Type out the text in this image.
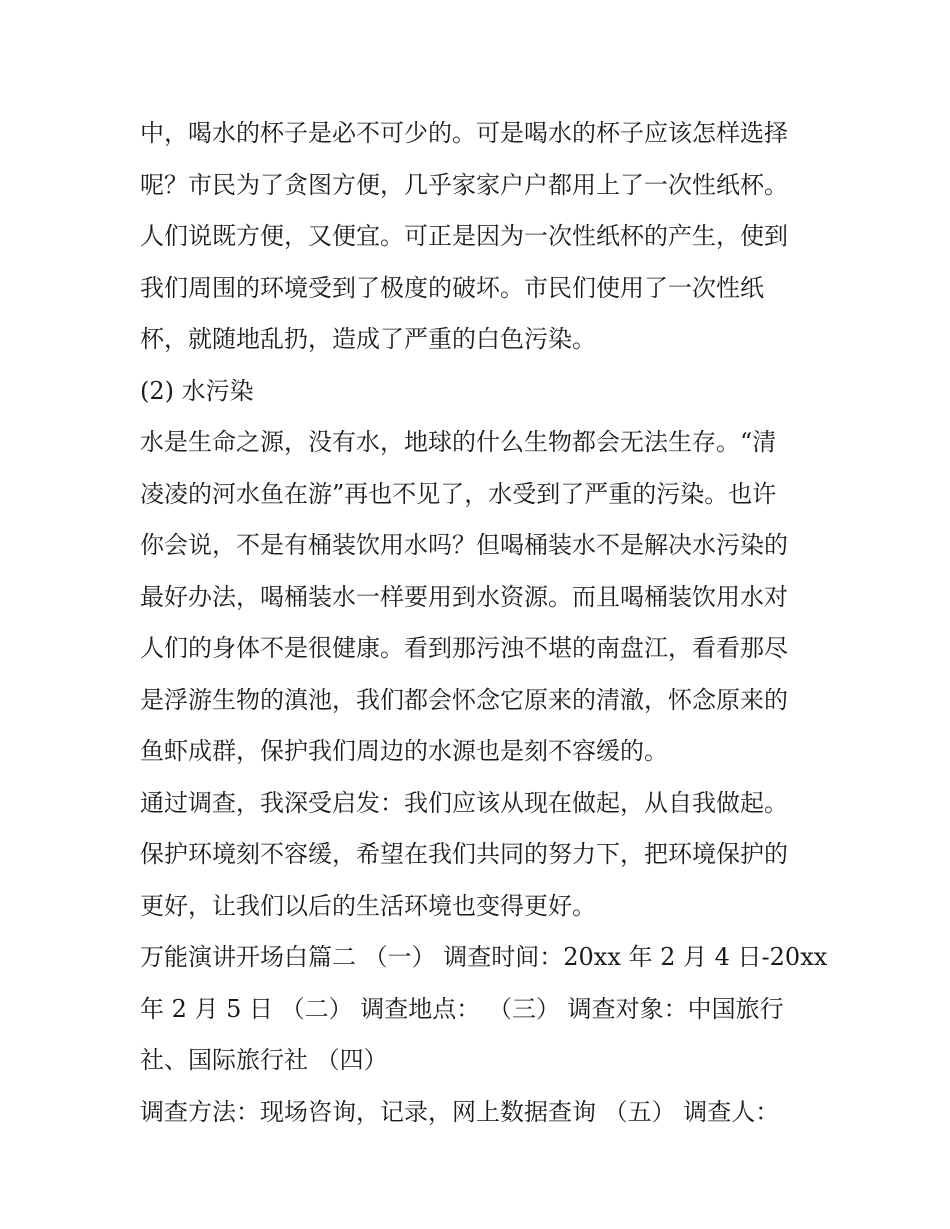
中，喝水的杯子是必不可少的。可是喝水的杯子应该怎样选择
呢？市民为了贪图方便，几乎家家户户都用上了一次性纸杯。
人们说既方便，又便宜。可正是因为一次性纸杯的产生，使到
我们周围的环境受到了极度的破坏。市民们使用了一次性纸
杯，就随地乱扔，造成了严重的白色污染。
(2) 水污染
水是生命之源，没有水，地球的什么生物都会无法生存。“清
凌凌的河水鱼在游”再也不见了，水受到了严重的污染。也许
你会说，不是有桶装饮用水吗？但喝桶装水不是解决水污染的
最好办法，喝桶装水一样要用到水资源。而且喝桶装饮用水对
人们的身体不是很健康。看到那污浊不堪的南盘江，看看那尽
是浮游生物的滇池，我们都会怀念它原来的清澈，怀念原来的
鱼虾成群，保护我们周边的水源也是刻不容缓的。
通过调查，我深受启发：我们应该从现在做起，从自我做起。
保护环境刻不容缓，希望在我们共同的努力下，把环境保护的
更好，让我们以后的生活环境也变得更好。
万能演讲开场白篇二 （一） 调查时间：20xx 年 2 月 4 日-20xx
年 2 月 5 日 （二） 调查地点： （三） 调查对象：中国旅行
社、国际旅行社 （四）
调查方法：现场咨询，记录，网上数据查询 （五） 调查人：
